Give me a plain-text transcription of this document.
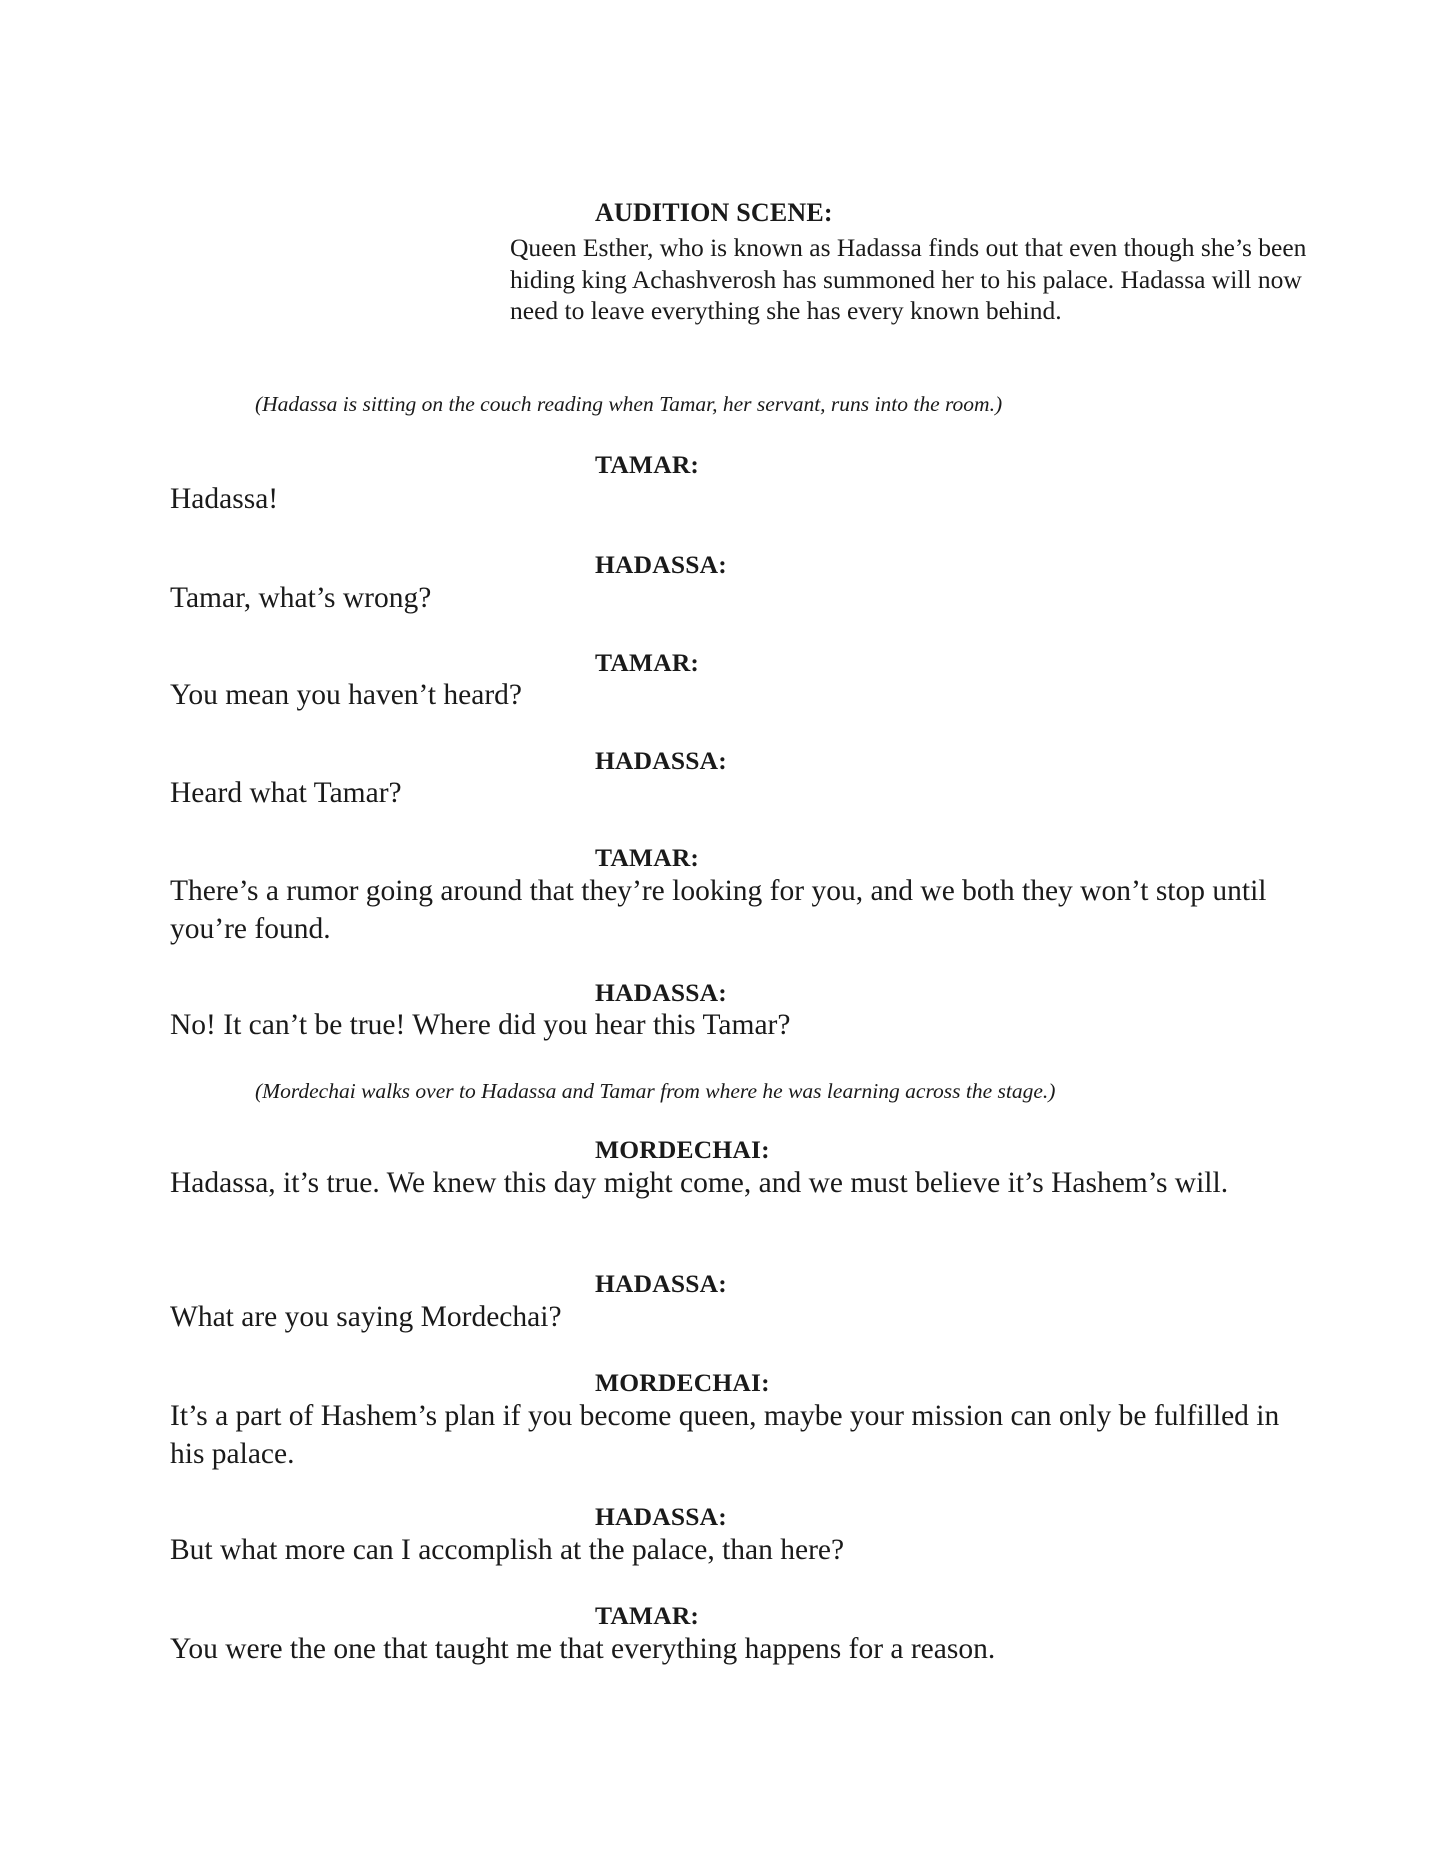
AUDITION SCENE:

Queen Esther, who is known as Hadassa finds out that even though she’s been hiding king Achashverosh has summoned her to his palace. Hadassa will now need to leave everything she has every known behind.

(Hadassa is sitting on the couch reading when Tamar, her servant, runs into the room.)

TAMAR:

Hadassa!

HADASSA:

Tamar, what’s wrong?

TAMAR:

You mean you haven’t heard?

HADASSA:

Heard what Tamar?

TAMAR:

There’s a rumor going around that they’re looking for you, and we both they won’t stop until you’re found.

HADASSA:

No! It can’t be true! Where did you hear this Tamar?

(Mordechai walks over to Hadassa and Tamar from where he was learning across the stage.)

MORDECHAI:

Hadassa, it’s true. We knew this day might come, and we must believe it’s Hashem’s will.

HADASSA:

What are you saying Mordechai?

MORDECHAI:

It’s a part of Hashem’s plan if you become queen, maybe your mission can only be fulfilled in his palace.

HADASSA:

But what more can I accomplish at the palace, than here?

TAMAR:

You were the one that taught me that everything happens for a reason.
